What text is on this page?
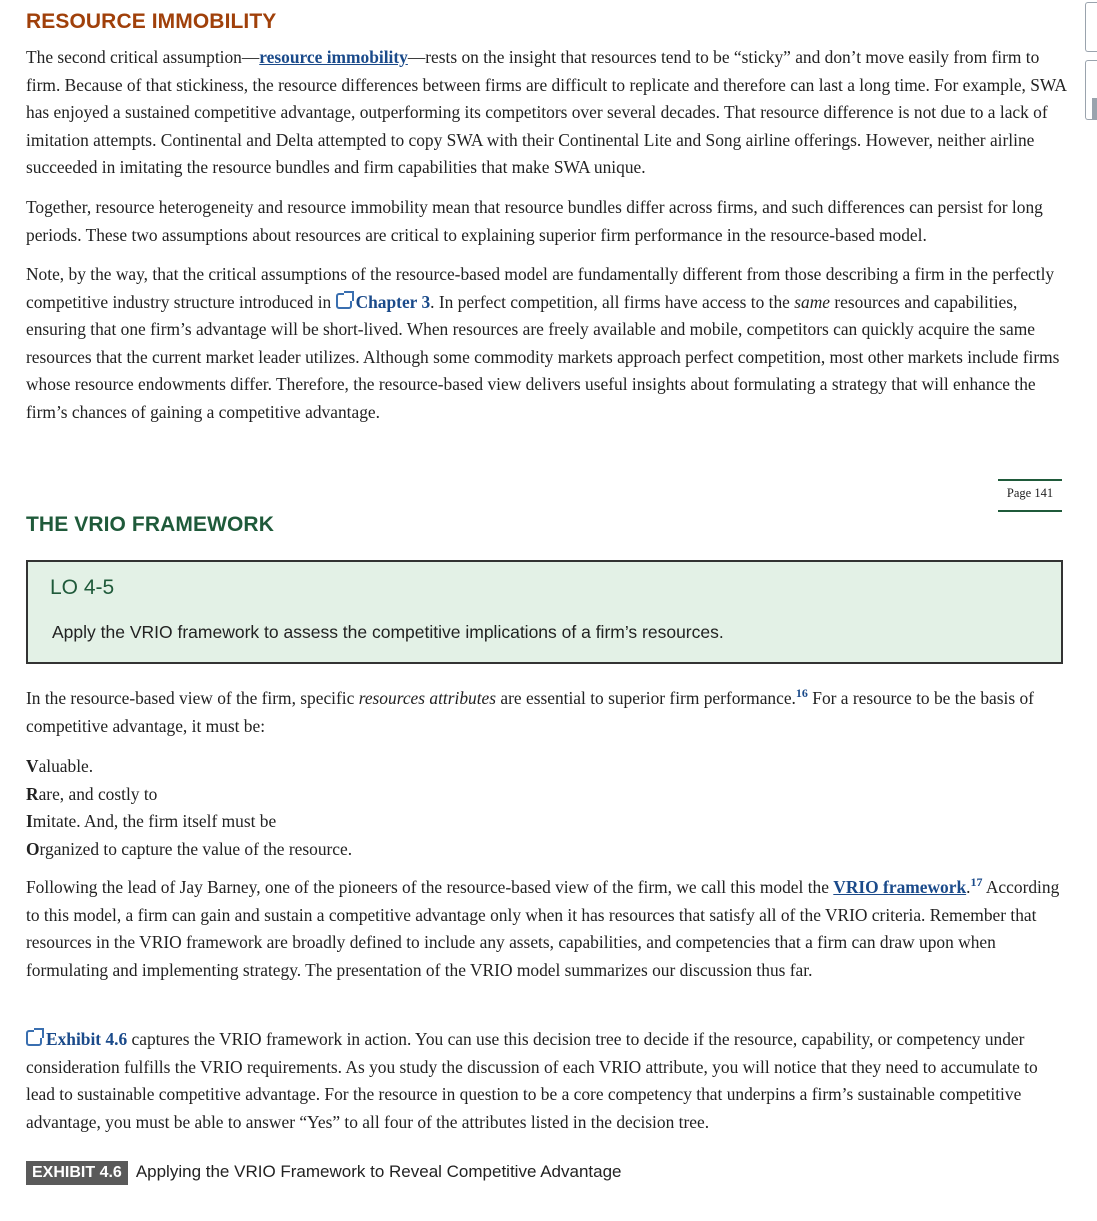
RESOURCE IMMOBILITY

The second critical assumption—resource immobility—rests on the insight that resources tend to be “sticky” and don’t move easily from firm to firm. Because of that stickiness, the resource differences between firms are difficult to replicate and therefore can last a long time. For example, SWA has enjoyed a sustained competitive advantage, outperforming its competitors over several decades. That resource difference is not due to a lack of imitation attempts. Continental and Delta attempted to copy SWA with their Continental Lite and Song airline offerings. However, neither airline succeeded in imitating the resource bundles and firm capabilities that make SWA unique.

Together, resource heterogeneity and resource immobility mean that resource bundles differ across firms, and such differences can persist for long periods. These two assumptions about resources are critical to explaining superior firm performance in the resource-based model.

Note, by the way, that the critical assumptions of the resource-based model are fundamentally different from those describing a firm in the perfectly competitive industry structure introduced in Chapter 3. In perfect competition, all firms have access to the same resources and capabilities, ensuring that one firm’s advantage will be short-lived. When resources are freely available and mobile, competitors can quickly acquire the same resources that the current market leader utilizes. Although some commodity markets approach perfect competition, most other markets include firms whose resource endowments differ. Therefore, the resource-based view delivers useful insights about formulating a strategy that will enhance the firm’s chances of gaining a competitive advantage.

Page 141
THE VRIO FRAMEWORK
LO 4-5
Apply the VRIO framework to assess the competitive implications of a firm’s resources.

In the resource-based view of the firm, specific resources attributes are essential to superior firm performance.$^{16}$ For a resource to be the basis of competitive advantage, it must be:

Valuable.
Rare, and costly to
Imitate. And, the firm itself must be
Organized to capture the value of the resource.

Following the lead of Jay Barney, one of the pioneers of the resource-based view of the firm, we call this model the VRIO framework.$^{17}$ According to this model, a firm can gain and sustain a competitive advantage only when it has resources that satisfy all of the VRIO criteria. Remember that resources in the VRIO framework are broadly defined to include any assets, capabilities, and competencies that a firm can draw upon when formulating and implementing strategy. The presentation of the VRIO model summarizes our discussion thus far.

Exhibit 4.6 captures the VRIO framework in action. You can use this decision tree to decide if the resource, capability, or competency under consideration fulfills the VRIO requirements. As you study the discussion of each VRIO attribute, you will notice that they need to accumulate to lead to sustainable competitive advantage. For the resource in question to be a core competency that underpins a firm’s sustainable competitive advantage, you must be able to answer “Yes” to all four of the attributes listed in the decision tree.

EXHIBIT 4.6 Applying the VRIO Framework to Reveal Competitive Advantage
